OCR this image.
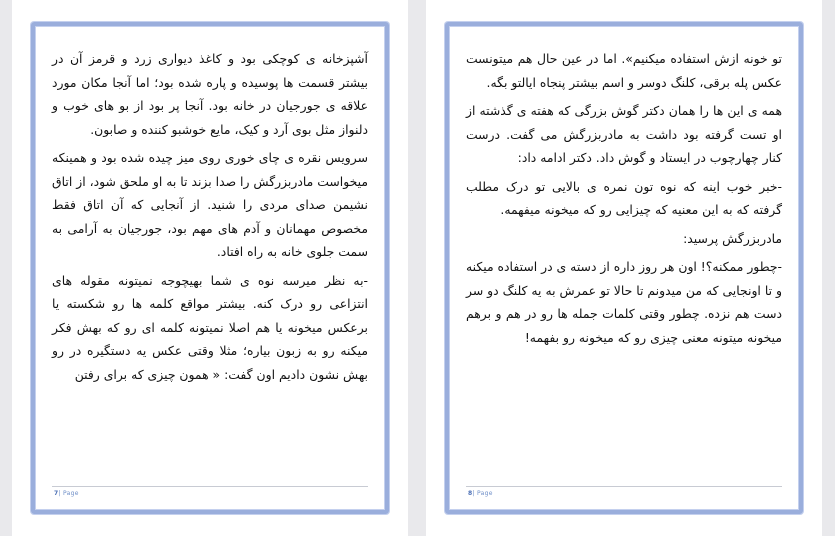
آشپزخانه ی کوچکی بود و کاغذ دیواری زرد و قرمز آن در بیشتر قسمت ها پوسیده و پاره شده بود؛ اما آنجا مکان مورد علاقه ی جورجیان در خانه بود. آنجا پر بود از بو های خوب و دلنواز مثل بوی آرد و کیک، مایع خوشبو کننده و صابون.

سرویس نقره ی چای خوری روی میز چیده شده بود و همینکه میخواست مادربزرگش را صدا بزند تا به او ملحق شود، از اتاق نشیمن صدای مردی را شنید. از آنجایی که آن اتاق فقط مخصوص مهمانان و آدم های مهم بود، جورجیان به آرامی به سمت جلوی خانه به راه افتاد.

-به نظر میرسه نوه ی شما بهیچوجه نمیتونه مقوله های انتزاعی رو درک کنه. بیشتر مواقع کلمه ها رو شکسته یا برعکس میخونه یا هم اصلا نمیتونه کلمه ای رو که بهش فکر میکنه رو به زبون بیاره؛ مثلا وقتی عکس یه دستگیره در رو بهش نشون دادیم اون گفت: « همون چیزی که برای رفتن

7| Page

تو خونه ازش استفاده میکنیم». اما در عین حال هم میتونست عکس پله برقی، کلنگ دوسر و اسم بیشتر پنجاه ایالتو بگه.

همه ی این ها را همان دکتر گوش بزرگی که هفته ی گذشته از او تست گرفته بود داشت به مادربزرگش می گفت. درست کنار چهارچوب در ایستاد و گوش داد. دکتر ادامه داد:

-خبر خوب اینه که نوه تون نمره ی بالایی تو درک مطلب گرفته که به این معنیه که چیزایی رو که میخونه میفهمه.

مادربزرگش پرسید:

-چطور ممکنه؟! اون هر روز داره از دسته ی در استفاده میکنه و تا اونجایی که من میدونم تا حالا تو عمرش به یه کلنگ دو سر دست هم نزده. چطور وقتی کلمات جمله ها رو در هم و برهم میخونه میتونه معنی چیزی رو که میخونه رو بفهمه!

8| Page
